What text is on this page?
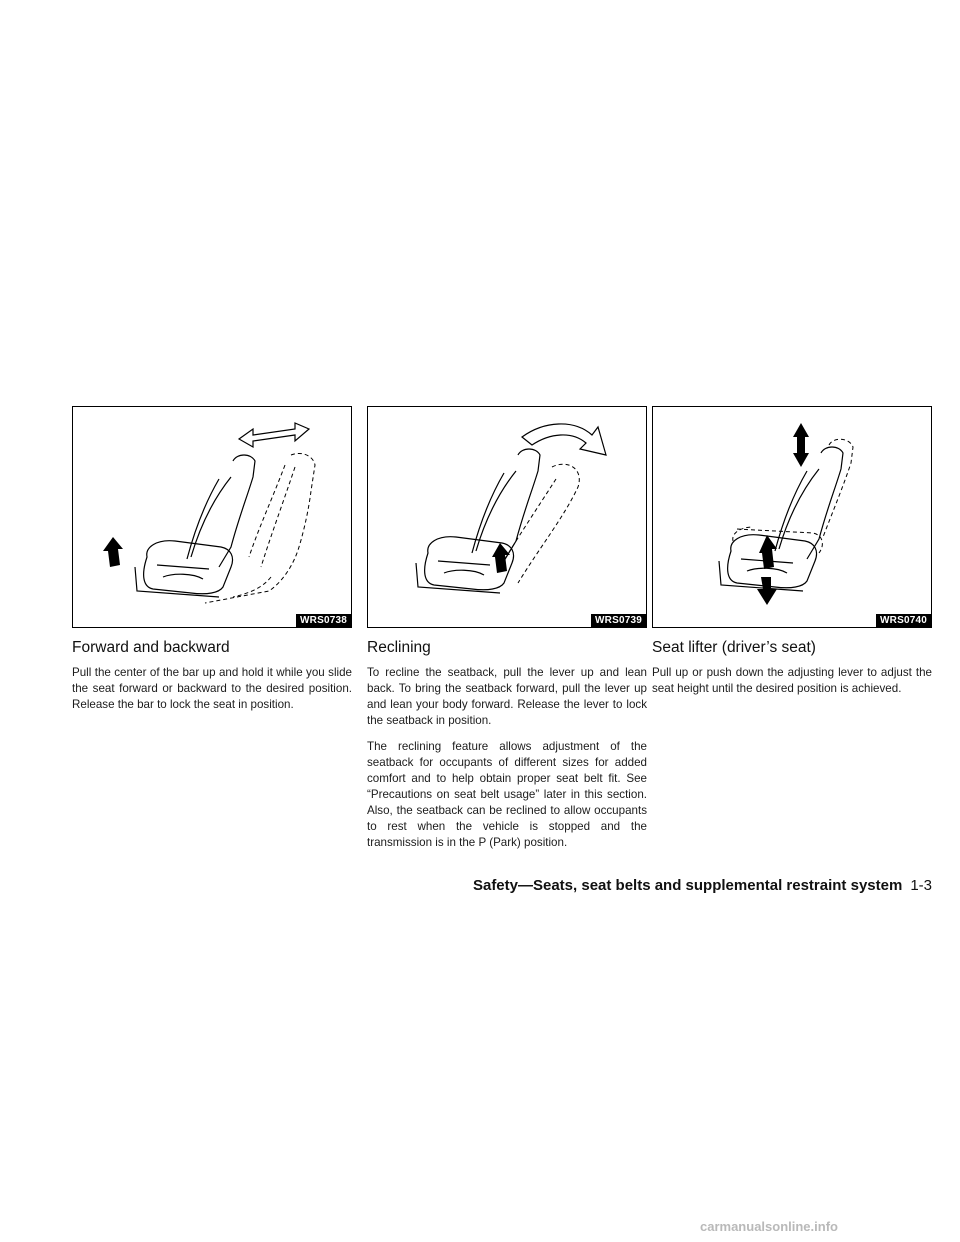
WRS0738
Forward and backward

Pull the center of the bar up and hold it while you slide the seat forward or backward to the desired position. Release the bar to lock the seat in position.

WRS0739
Reclining

To recline the seatback, pull the lever up and lean back. To bring the seatback forward, pull the lever up and lean your body forward. Release the lever to lock the seatback in position.

The reclining feature allows adjustment of the seatback for occupants of different sizes for added comfort and to help obtain proper seat belt fit. See “Precautions on seat belt usage” later in this section. Also, the seatback can be reclined to allow occupants to rest when the vehicle is stopped and the transmission is in the P (Park) position.

WRS0740
Seat lifter (driver’s seat)

Pull up or push down the adjusting lever to adjust the seat height until the desired position is achieved.

Safety—Seats, seat belts and supplemental restraint system 1-3
carmanualsonline.info
